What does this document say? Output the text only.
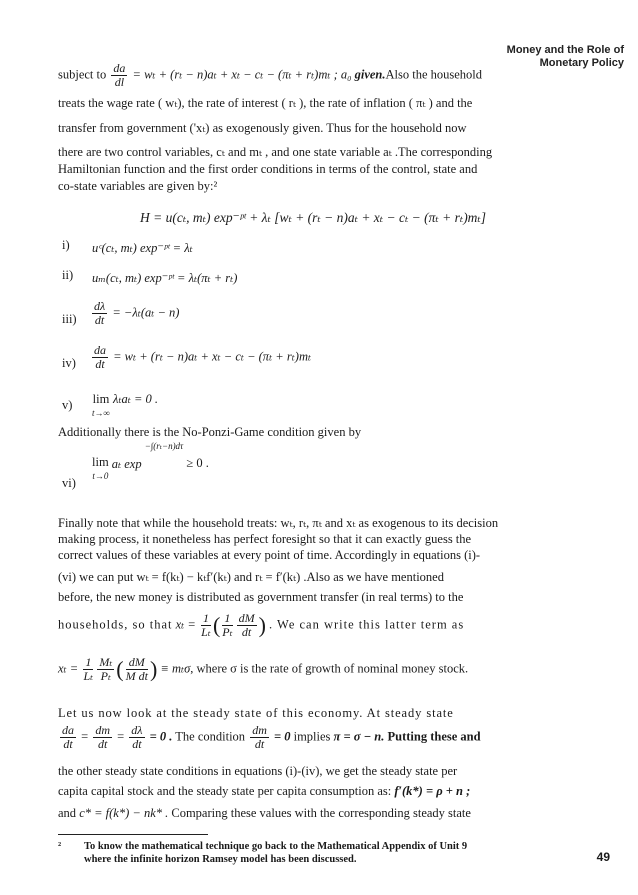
Money and the Role of Monetary Policy
subject to $\frac{da}{dl} = w_t + (r_t - n)a_t + x_t - c_t - (\pi_t + r_t)m_t$ ; a₀ given.Also the household
treats the wage rate ( wₜ), the rate of interest ( rₜ ), the rate of inflation ( πₜ ) and the
transfer from government ('xₜ) as exogenously given. Thus for the household now
there are two control variables, cₜ and mₜ , and one state variable aₜ .The corresponding
Hamiltonian function and the first order conditions in terms of the control, state and
co-state variables are given by:²
H = u(cₜ, mₜ) exp⁻ᵖᵗ + λₜ [wₜ + (rₜ − n)aₜ + xₜ − cₜ − (πₜ + rₜ)mₜ]
i) uᶜ(cₜ, mₜ) exp⁻ᵖᵗ = λₜ
ii) uₘ(cₜ, mₜ) exp⁻ᵖᵗ = λₜ(πₜ + rₜ)
$iii) \frac{d\lambda}{dt} = -\lambda_t(a_t - n)$
$iv) \frac{da}{dt} = w_t + (r_t - n)a_t + x_t - c_t - (\pi_t + r_t)m_t$
v) lim
t→∞
λₜaₜ = 0 .
Additionally there is the No-Ponzi-Game condition given by
vi)
lim
t→0
aₜ exp $^{-\int(r_t-n)d\tau}$ ≥ 0 .
Finally note that while the household treats: wₜ, rₜ, πₜ and xₜ as exogenous to its decision
making process, it nonetheless has perfect foresight so that it can exactly guess the
correct values of these variables at every point of time. Accordingly in equations (i)-
(vi) we can put wₜ = f(kₜ) − kₜf′(kₜ) and rₜ = f′(kₜ) .Also as we have mentioned
before, the new money is distributed as government transfer (in real terms) to the
households, so that $x_t = \frac{1}{\text{Lₜ}}$ ( $\frac{1}{\text{Pₜ}} \frac{dM}{dt}$ ) . We can write this latter term as
$x_t = \frac{1}{\text{Lₜ}} \frac{\text{Mₜ}}{\text{Pₜ}}$ ( $\frac{dM}{\text{M dt}}$ ) ≡ mₜσ, where σ is the rate of growth of nominal money stock.
Let us now look at the steady state of this economy. At steady state
$\frac{da}{dt} = \frac{dm}{dt} = \frac{d\lambda}{dt} = 0$ . The condition $\frac{dm}{dt} = 0$ implies π = σ − n. Putting these and
the other steady state conditions in equations (i)-(iv), we get the steady state per
capita capital stock and the steady state per capita consumption as: f′(k*) = ρ + n ;
and c* = f(k*) − nk* . Comparing these values with the corresponding steady state
² To know the mathematical technique go back to the Mathematical Appendix of Unit 9 where the infinite horizon Ramsey model has been discussed.	49
